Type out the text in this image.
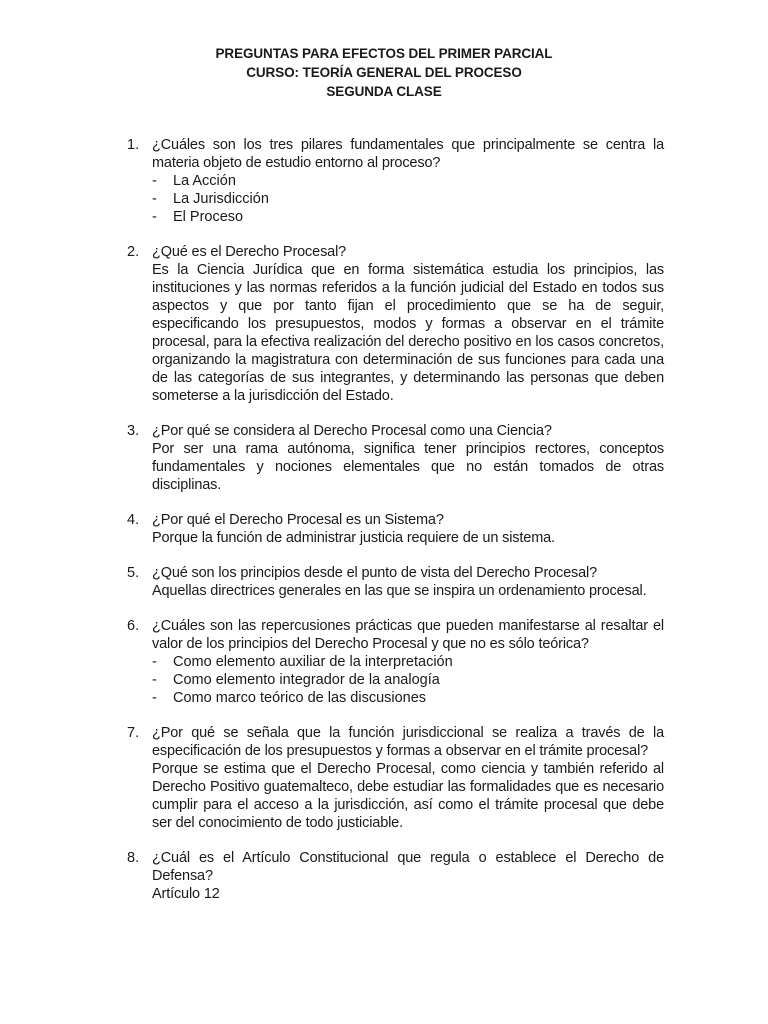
PREGUNTAS PARA EFECTOS DEL PRIMER PARCIAL
CURSO: TEORÍA GENERAL DEL PROCESO
SEGUNDA CLASE
1. ¿Cuáles son los tres pilares fundamentales que principalmente se centra la materia objeto de estudio entorno al proceso?

- La Acción
- La Jurisdicción
- El Proceso
2. ¿Qué es el Derecho Procesal?

Es la Ciencia Jurídica que en forma sistemática estudia los principios, las instituciones y las normas referidos a la función judicial del Estado en todos sus aspectos y que por tanto fijan el procedimiento que se ha de seguir, especificando los presupuestos, modos y formas a observar en el trámite procesal, para la efectiva realización del derecho positivo en los casos concretos, organizando la magistratura con determinación de sus funciones para cada una de las categorías de sus integrantes, y determinando las personas que deben someterse a la jurisdicción del Estado.

3. ¿Por qué se considera al Derecho Procesal como una Ciencia?

Por ser una rama autónoma, significa tener principios rectores, conceptos fundamentales y nociones elementales que no están tomados de otras disciplinas.

4. ¿Por qué el Derecho Procesal es un Sistema?

Porque la función de administrar justicia requiere de un sistema.

5. ¿Qué son los principios desde el punto de vista del Derecho Procesal?

Aquellas directrices generales en las que se inspira un ordenamiento procesal.

6. ¿Cuáles son las repercusiones prácticas que pueden manifestarse al resaltar el valor de los principios del Derecho Procesal y que no es sólo teórica?

- Como elemento auxiliar de la interpretación
- Como elemento integrador de la analogía
- Como marco teórico de las discusiones
7. ¿Por qué se señala que la función jurisdiccional se realiza a través de la especificación de los presupuestos y formas a observar en el trámite procesal?

Porque se estima que el Derecho Procesal, como ciencia y también referido al Derecho Positivo guatemalteco, debe estudiar las formalidades que es necesario cumplir para el acceso a la jurisdicción, así como el trámite procesal que debe ser del conocimiento de todo justiciable.

8. ¿Cuál es el Artículo Constitucional que regula o establece el Derecho de Defensa?

Artículo 12
